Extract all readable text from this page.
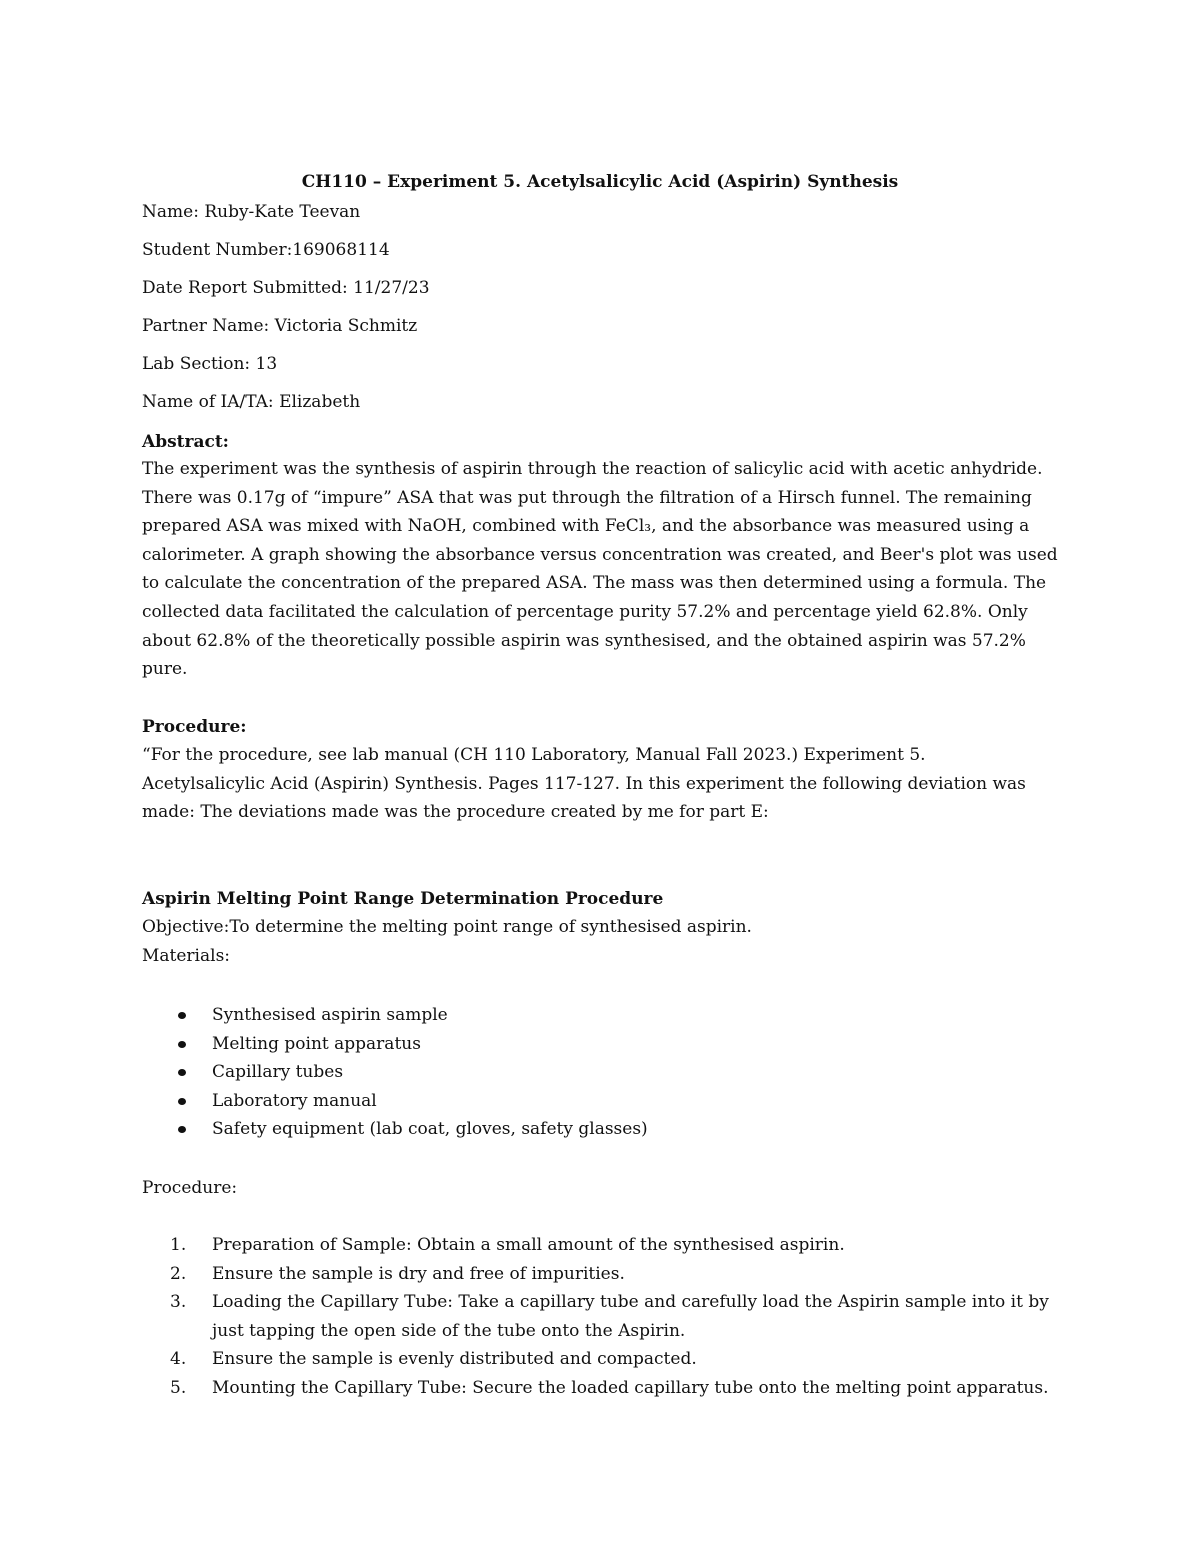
CH110 – Experiment 5. Acetylsalicylic Acid (Aspirin) Synthesis
Name: Ruby-Kate Teevan
Student Number:169068114
Date Report Submitted: 11/27/23
Partner Name: Victoria Schmitz
Lab Section: 13
Name of IA/TA: Elizabeth
Abstract:
The experiment was the synthesis of aspirin through the reaction of salicylic acid with acetic anhydride.
There was 0.17g of “impure” ASA that was put through the filtration of a Hirsch funnel. The remaining
prepared ASA was mixed with NaOH, combined with FeCl₃, and the absorbance was measured using a
calorimeter. A graph showing the absorbance versus concentration was created, and Beer's plot was used
to calculate the concentration of the prepared ASA. The mass was then determined using a formula. The
collected data facilitated the calculation of percentage purity 57.2% and percentage yield 62.8%. Only
about 62.8% of the theoretically possible aspirin was synthesised, and the obtained aspirin was 57.2%
pure.
Procedure:
“For the procedure, see lab manual (CH 110 Laboratory, Manual Fall 2023.) Experiment 5.
Acetylsalicylic Acid (Aspirin) Synthesis. Pages 117-127. In this experiment the following deviation was
made: The deviations made was the procedure created by me for part E:
Aspirin Melting Point Range Determination Procedure
Objective:To determine the melting point range of synthesised aspirin.
Materials:
Synthesised aspirin sample
Melting point apparatus
Capillary tubes
Laboratory manual
Safety equipment (lab coat, gloves, safety glasses)
Procedure:
1.	Preparation of Sample: Obtain a small amount of the synthesised aspirin.
2.	Ensure the sample is dry and free of impurities.
3.	Loading the Capillary Tube: Take a capillary tube and carefully load the Aspirin sample into it by
just tapping the open side of the tube onto the Aspirin.
4.	Ensure the sample is evenly distributed and compacted.
5.	Mounting the Capillary Tube: Secure the loaded capillary tube onto the melting point apparatus.
